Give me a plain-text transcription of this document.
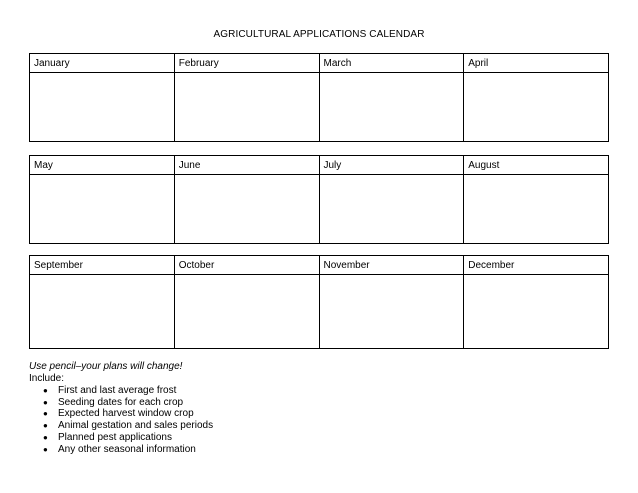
AGRICULTURAL APPLICATIONS CALENDAR
January	February	March	April

May	June	July	August

September	October	November	December

Use pencil–your plans will change!
Include:
● First and last average frost
● Seeding dates for each crop
● Expected harvest window crop
● Animal gestation and sales periods
● Planned pest applications
● Any other seasonal information
